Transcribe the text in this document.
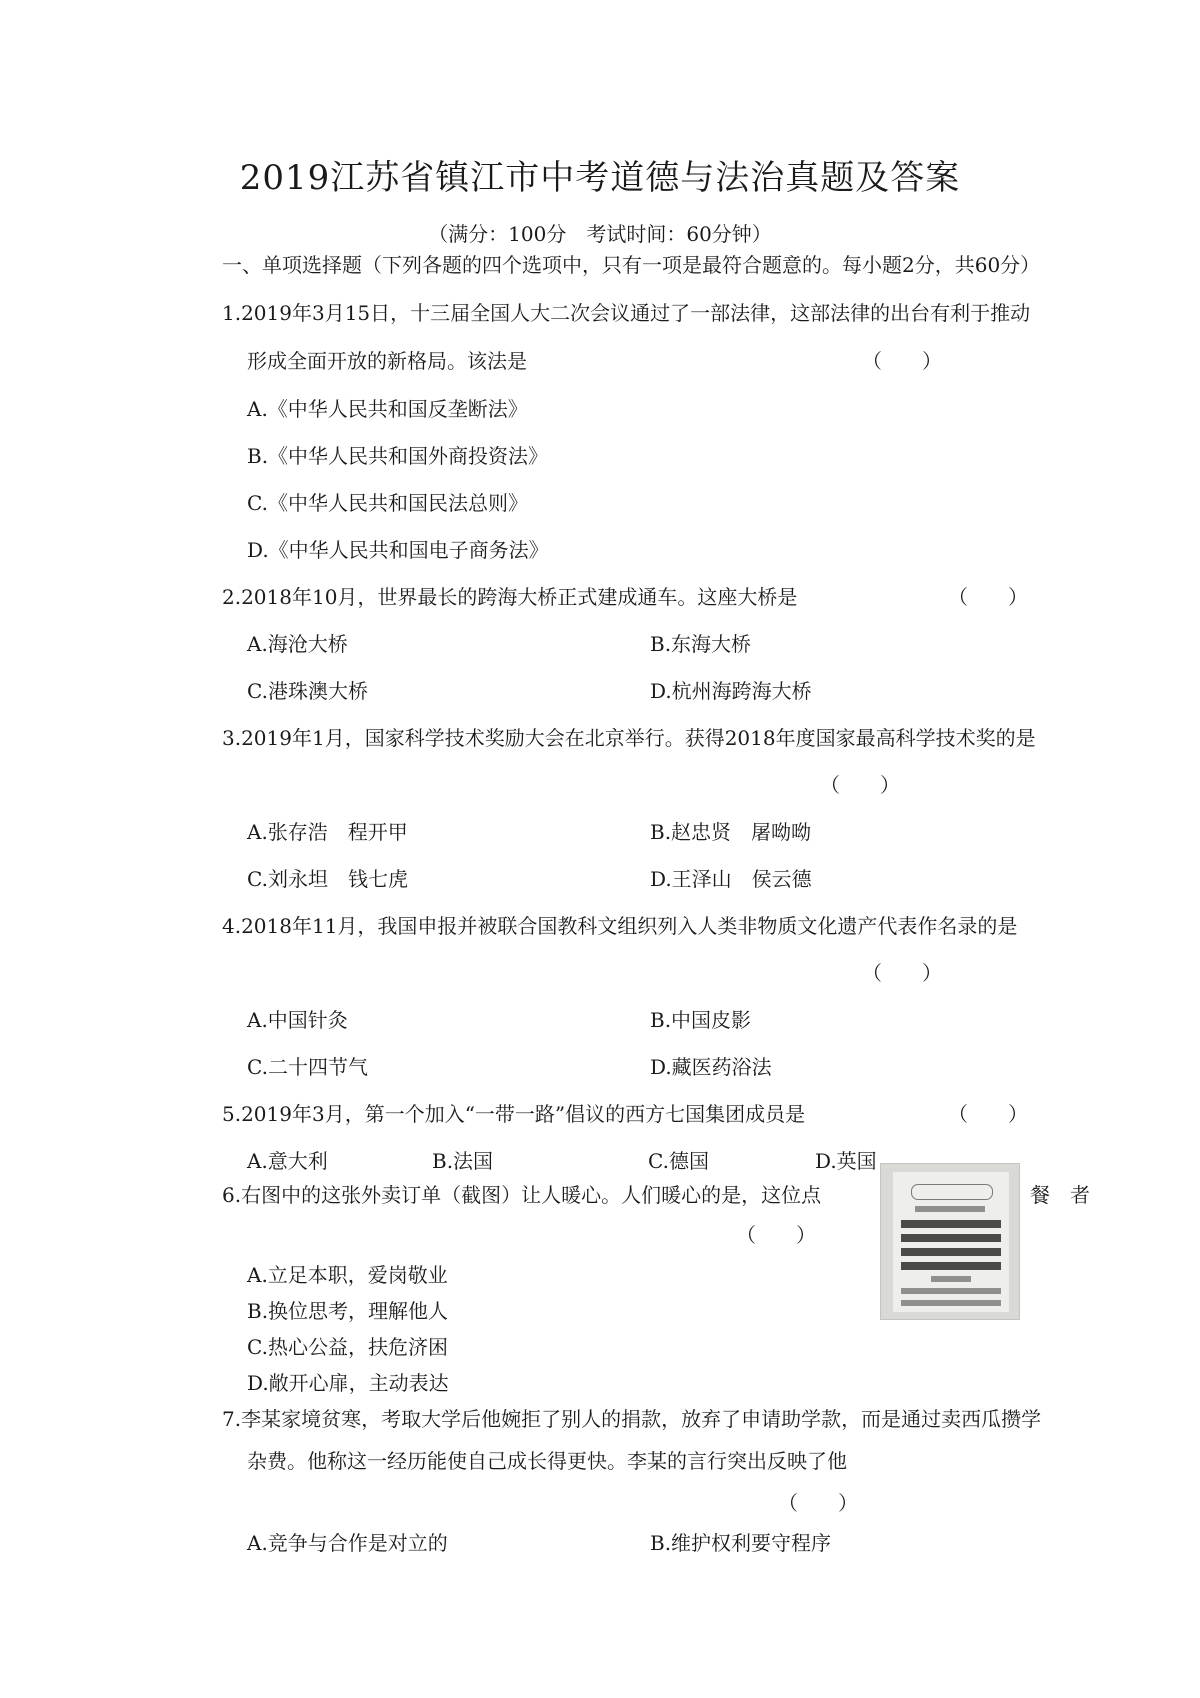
2019江苏省镇江市中考道德与法治真题及答案
（满分：100分　考试时间：60分钟）
一、单项选择题（下列各题的四个选项中，只有一项是最符合题意的。每小题2分，共60分）
1.2019年3月15日，十三届全国人大二次会议通过了一部法律，这部法律的出台有利于推动
形成全面开放的新格局。该法是	（　　）
A.《中华人民共和国反垄断法》
B.《中华人民共和国外商投资法》
C.《中华人民共和国民法总则》
D.《中华人民共和国电子商务法》
2.2018年10月，世界最长的跨海大桥正式建成通车。这座大桥是	（　　）
A.海沧大桥	B.东海大桥
C.港珠澳大桥	D.杭州海跨海大桥
3.2019年1月，国家科学技术奖励大会在北京举行。获得2018年度国家最高科学技术奖的是
（　　）
A.张存浩　程开甲	B.赵忠贤　屠呦呦
C.刘永坦　钱七虎	D.王泽山　侯云德
4.2018年11月，我国申报并被联合国教科文组织列入人类非物质文化遗产代表作名录的是
（　　）
A.中国针灸	B.中国皮影
C.二十四节气	D.藏医药浴法
5.2019年3月，第一个加入“一带一路”倡议的西方七国集团成员是	（　　）
A.意大利	B.法国	C.德国	D.英国
6.右图中的这张外卖订单（截图）让人暖心。人们暖心的是，这位点	餐　者
（　　）
A.立足本职，爱岗敬业
B.换位思考，理解他人
C.热心公益，扶危济困
D.敞开心扉，主动表达
7.李某家境贫寒，考取大学后他婉拒了别人的捐款，放弃了申请助学款，而是通过卖西瓜攒学
杂费。他称这一经历能使自己成长得更快。李某的言行突出反映了他
（　　）
A.竞争与合作是对立的	B.维护权利要守程序
